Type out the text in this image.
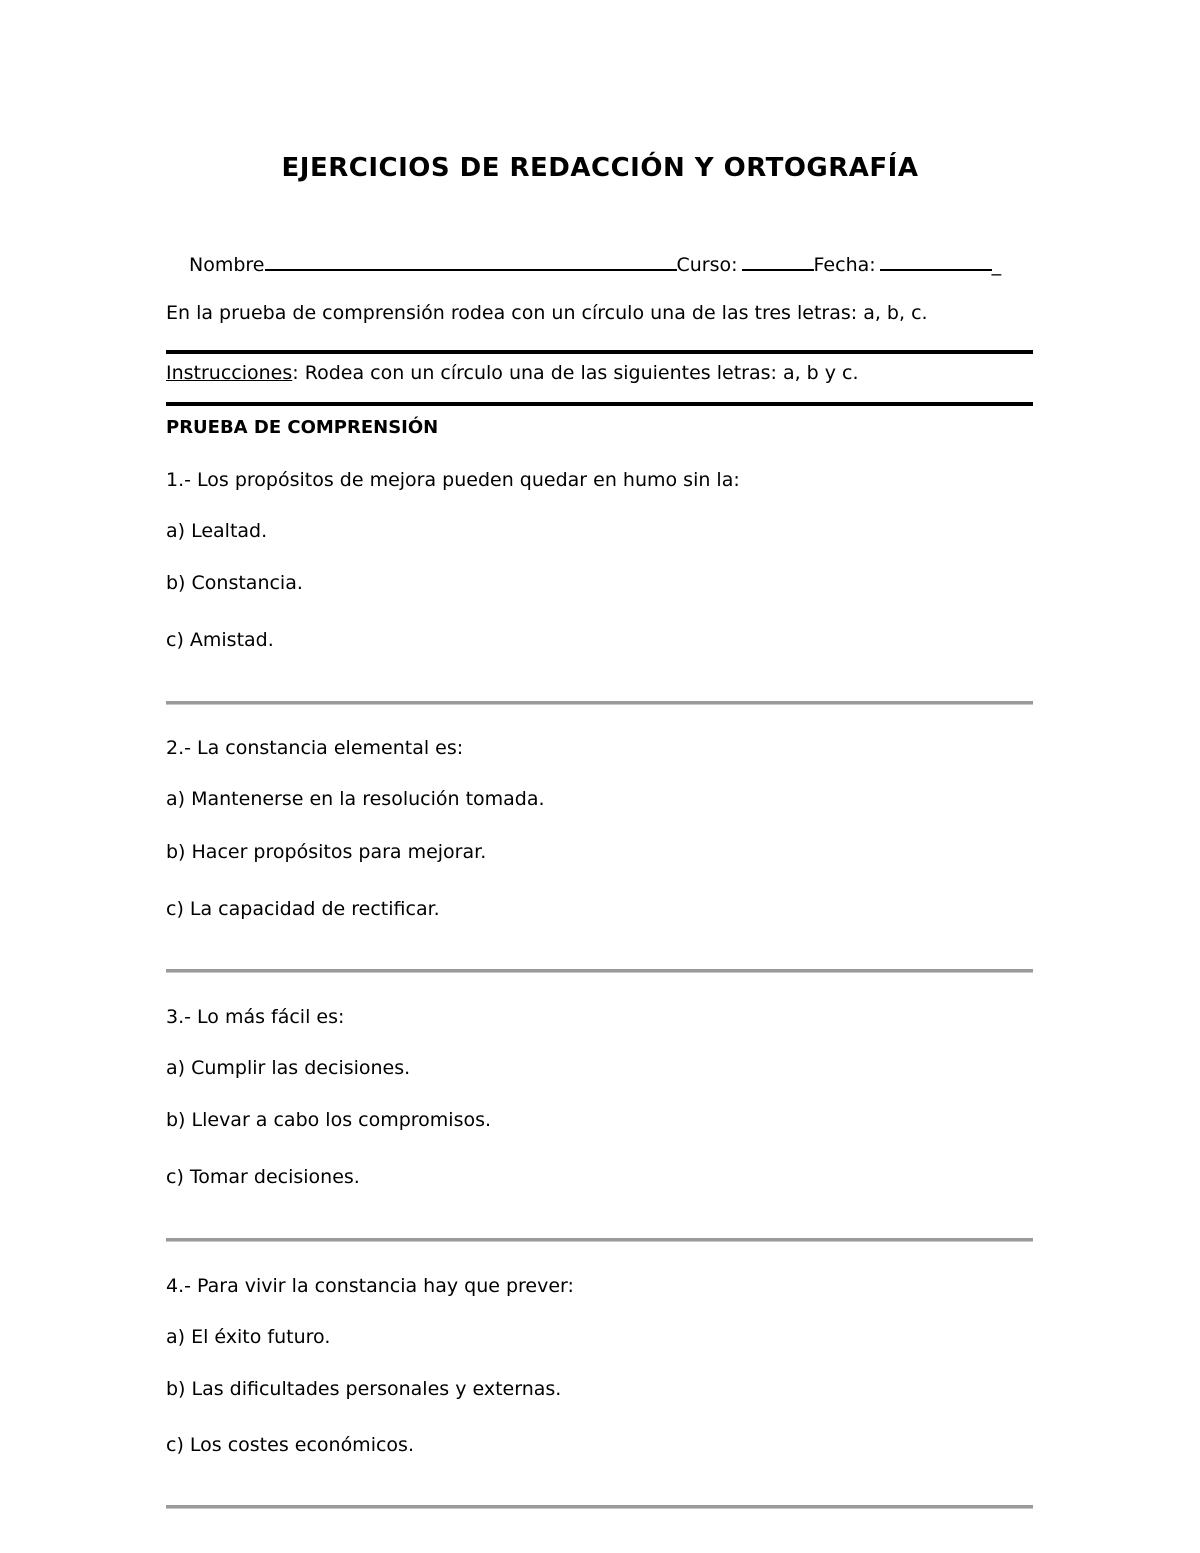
EJERCICIOS DE REDACCIÓN Y ORTOGRAFÍA
Nombre	Curso:	Fecha:	_
En la prueba de comprensión rodea con un círculo una de las tres letras: a, b, c.
Instrucciones: Rodea con un círculo una de las siguientes letras: a, b y c.
PRUEBA DE COMPRENSIÓN
1.- Los propósitos de mejora pueden quedar en humo sin la:
a) Lealtad.
b) Constancia.
c) Amistad.
2.- La constancia elemental es:
a) Mantenerse en la resolución tomada.
b) Hacer propósitos para mejorar.
c) La capacidad de rectificar.
3.- Lo más fácil es:
a) Cumplir las decisiones.
b) Llevar a cabo los compromisos.
c) Tomar decisiones.
4.- Para vivir la constancia hay que prever:
a) El éxito futuro.
b) Las dificultades personales y externas.
c) Los costes económicos.
